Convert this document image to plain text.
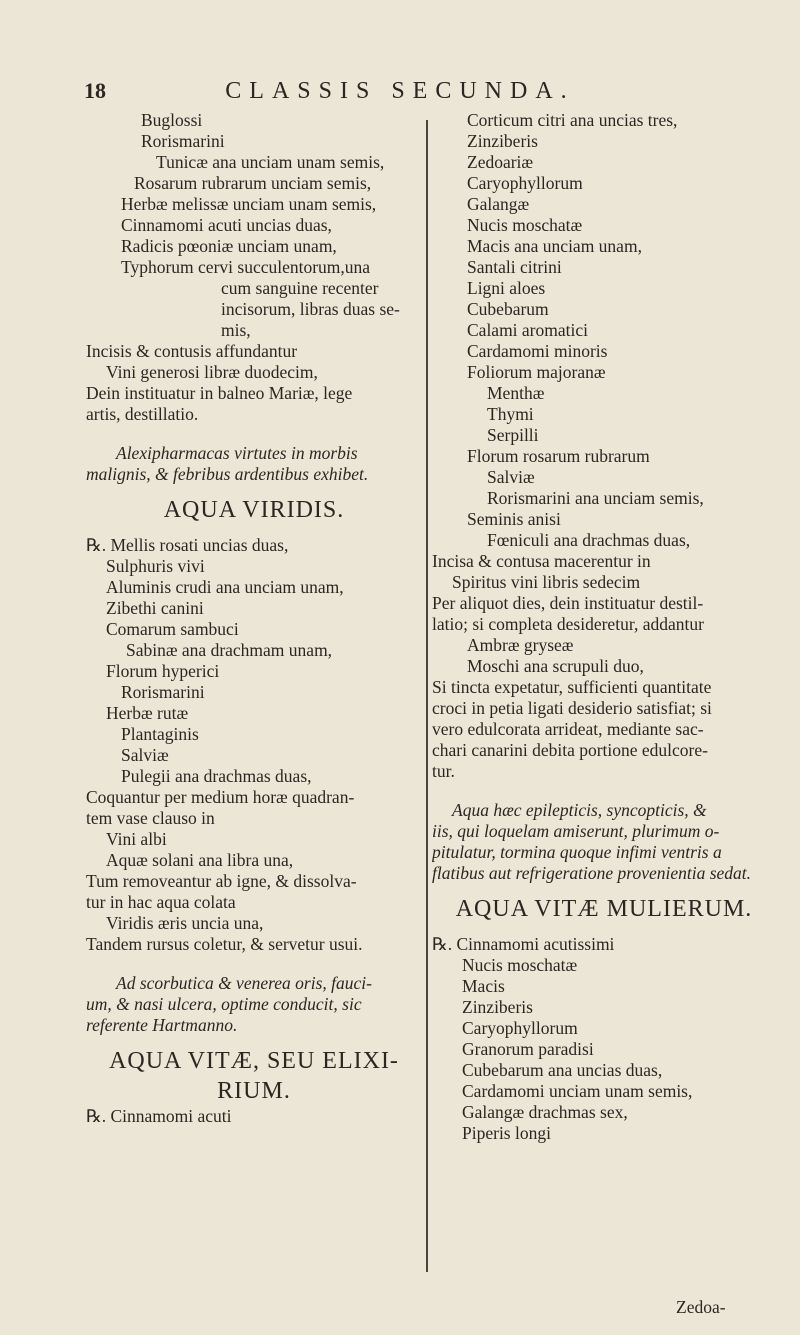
18	CLASSIS SECUNDA.
Buglossi
Rorismarini
Tunicæ ana unciam unam semis,
Rosarum rubrarum unciam semis,
Herbæ melissæ unciam unam semis,
Cinnamomi acuti uncias duas,
Radicis pœoniæ unciam unam,
Typhorum cervi succulentorum,una
cum sanguine recenter
incisorum, libras duas se-
mis,
Incisis & contusis affundantur
Vini generosi libræ duodecim,
Dein instituatur in balneo Mariæ, lege
artis, destillatio.
Alexipharmacas virtutes in morbis
malignis, & febribus ardentibus exhibet.
AQUA VIRIDIS.
℞. Mellis rosati uncias duas,
Sulphuris vivi
Aluminis crudi ana unciam unam,
Zibethi canini
Comarum sambuci
Sabinæ ana drachmam unam,
Florum hyperici
Rorismarini
Herbæ rutæ
Plantaginis
Salviæ
Pulegii ana drachmas duas,
Coquantur per medium horæ quadran-
tem vase clauso in
Vini albi
Aquæ solani ana libra una,
Tum removeantur ab igne, & dissolva-
tur in hac aqua colata
Viridis æris uncia una,
Tandem rursus coletur, & servetur usui.
Ad scorbutica & venerea oris, fauci-
um, & nasi ulcera, optime conducit, sic
referente Hartmanno.
AQUA VITÆ, SEU ELIXI-
RIUM.
℞. Cinnamomi acuti
Corticum citri ana uncias tres,
Zinziberis
Zedoariæ
Caryophyllorum
Galangæ
Nucis moschatæ
Macis ana unciam unam,
Santali citrini
Ligni aloes
Cubebarum
Calami aromatici
Cardamomi minoris
Foliorum majoranæ
Menthæ
Thymi
Serpilli
Florum rosarum rubrarum
Salviæ
Rorismarini ana unciam semis,
Seminis anisi
Fœniculi ana drachmas duas,
Incisa & contusa macerentur in
Spiritus vini libris sedecim
Per aliquot dies, dein instituatur destil-
latio; si completa desideretur, addantur
Ambræ gryseæ
Moschi ana scrupuli duo,
Si tincta expetatur, sufficienti quantitate
croci in petia ligati desiderio satisfiat; si
vero edulcorata arrideat, mediante sac-
chari canarini debita portione edulcore-
tur.
Aqua hæc epilepticis, syncopticis, &
iis, qui loquelam amiserunt, plurimum o-
pitulatur, tormina quoque infimi ventris a
flatibus aut refrigeratione provenientia sedat.
AQUA VITÆ MULIERUM.
℞. Cinnamomi acutissimi
Nucis moschatæ
Macis
Zinziberis
Caryophyllorum
Granorum paradisi
Cubebarum ana uncias duas,
Cardamomi unciam unam semis,
Galangæ drachmas sex,
Piperis longi
Zedoa-
